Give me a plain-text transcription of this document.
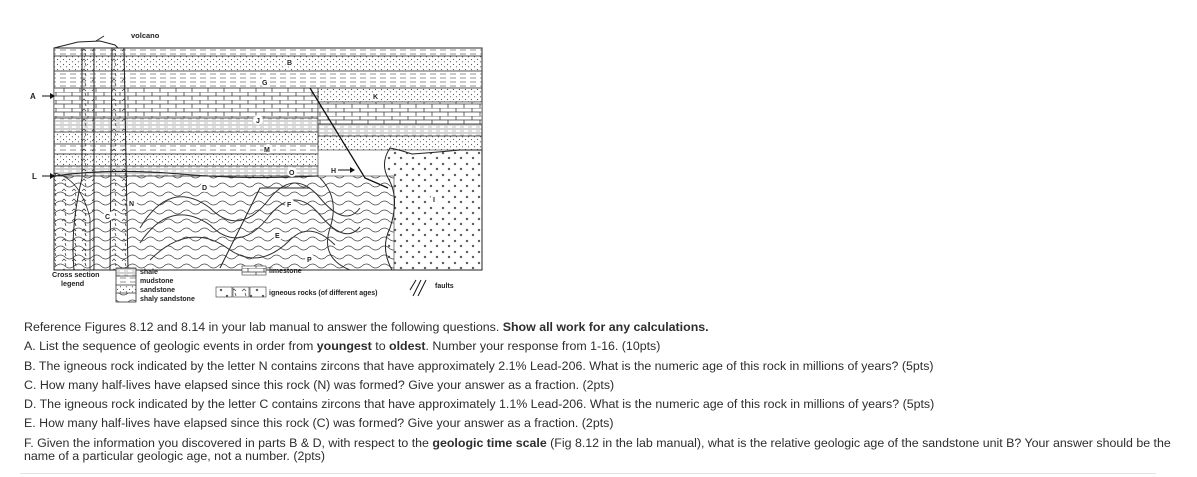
volcano
A
L
B
G
K
J
M
O	H
D
N
C
F
I
E
P
Cross section
legend
shale
mudstone
sandstone
shaly sandstone
limestone
igneous rocks (of different ages)
faults

Reference Figures 8.12 and 8.14 in your lab manual to answer the following questions. Show all work for any calculations.

A. List the sequence of geologic events in order from youngest to oldest. Number your response from 1-16. (10pts)

B. The igneous rock indicated by the letter N contains zircons that have approximately 2.1% Lead-206. What is the numeric age of this rock in millions of years? (5pts)

C. How many half-lives have elapsed since this rock (N) was formed? Give your answer as a fraction. (2pts)

D. The igneous rock indicated by the letter C contains zircons that have approximately 1.1% Lead-206. What is the numeric age of this rock in millions of years? (5pts)

E. How many half-lives have elapsed since this rock (C) was formed? Give your answer as a fraction. (2pts)

F. Given the information you discovered in parts B & D, with respect to the geologic time scale (Fig 8.12 in the lab manual), what is the relative geologic age of the sandstone unit B? Your answer should be the name of a particular geologic age, not a number. (2pts)
